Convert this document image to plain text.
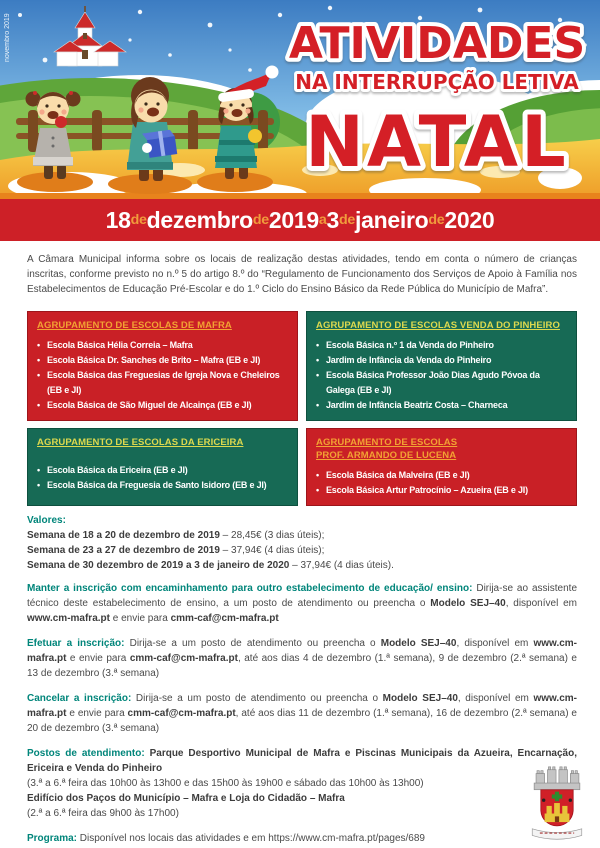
ATIVIDADES
NA INTERRUPÇÃO LETIVA
NATAL
novembro 2019
18 de dezembro de 2019 a 3 de janeiro de 2020

A Câmara Municipal informa sobre os locais de realização destas atividades, tendo em conta o número de crianças inscritas, conforme previsto no n.º 5 do artigo 8.º do “Regulamento de Funcionamento dos Serviços de Apoio à Família nos Estabelecimentos de Educação Pré-Escolar e do 1.º Ciclo do Ensino Básico da Rede Pública do Município de Mafra”.

AGRUPAMENTO DE ESCOLAS DE MAFRA
• Escola Básica Hélia Correia – Mafra
• Escola Básica Dr. Sanches de Brito – Mafra (EB e JI)
• Escola Básica das Freguesias de Igreja Nova e Cheleiros (EB e JI)
• Escola Básica de São Miguel de Alcainça (EB e JI)
AGRUPAMENTO DE ESCOLAS VENDA DO PINHEIRO
• Escola Básica n.º 1 da Venda do Pinheiro
• Jardim de Infância da Venda do Pinheiro
• Escola Básica Professor João Dias Agudo Póvoa da Galega (EB e JI)
• Jardim de Infância Beatriz Costa – Charneca
AGRUPAMENTO DE ESCOLAS DA ERICEIRA
• Escola Básica da Ericeira (EB e JI)
• Escola Básica da Freguesia de Santo Isidoro (EB e JI)
AGRUPAMENTO DE ESCOLAS
PROF. ARMANDO DE LUCENA
• Escola Básica da Malveira (EB e JI)
• Escola Básica Artur Patrocínio – Azueira (EB e JI)
Valores:
Semana de 18 a 20 de dezembro de 2019 – 28,45€ (3 dias úteis);
Semana de 23 a 27 de dezembro de 2019 – 37,94€ (4 dias úteis);
Semana de 30 dezembro de 2019 a 3 de janeiro de 2020 – 37,94€ (4 dias úteis).

Manter a inscrição com encaminhamento para outro estabelecimento de educação/ ensino: Dirija-se ao assistente técnico deste estabelecimento de ensino, a um posto de atendimento ou preencha o Modelo SEJ–40, disponível em www.cm-mafra.pt e envie para cmm-caf@cm-mafra.pt

Efetuar a inscrição: Dirija-se a um posto de atendimento ou preencha o Modelo SEJ–40, disponível em www.cm-mafra.pt e envie para cmm-caf@cm-mafra.pt, até aos dias 4 de dezembro (1.ª semana), 9 de dezembro (2.ª semana) e 13 de dezembro (3.ª semana)

Cancelar a inscrição: Dirija-se a um posto de atendimento ou preencha o Modelo SEJ–40, disponível em www.cm-mafra.pt e envie para cmm-caf@cm-mafra.pt, até aos dias 11 de dezembro (1.ª semana), 16 de dezembro (2.ª semana) e 20 de dezembro (3.ª semana)

Postos de atendimento: Parque Desportivo Municipal de Mafra e Piscinas Municipais da Azueira, Encarnação, Ericeira e Venda do Pinheiro
(3.ª a 6.ª feira das 10h00 às 13h00 e das 15h00 às 19h00 e sábado das 10h00 às 13h00)
Edifício dos Paços do Município – Mafra e Loja do Cidadão – Mafra
(2.ª a 6.ª feira das 9h00 às 17h00)

Programa: Disponível nos locais das atividades e em https://www.cm-mafra.pt/pages/689
